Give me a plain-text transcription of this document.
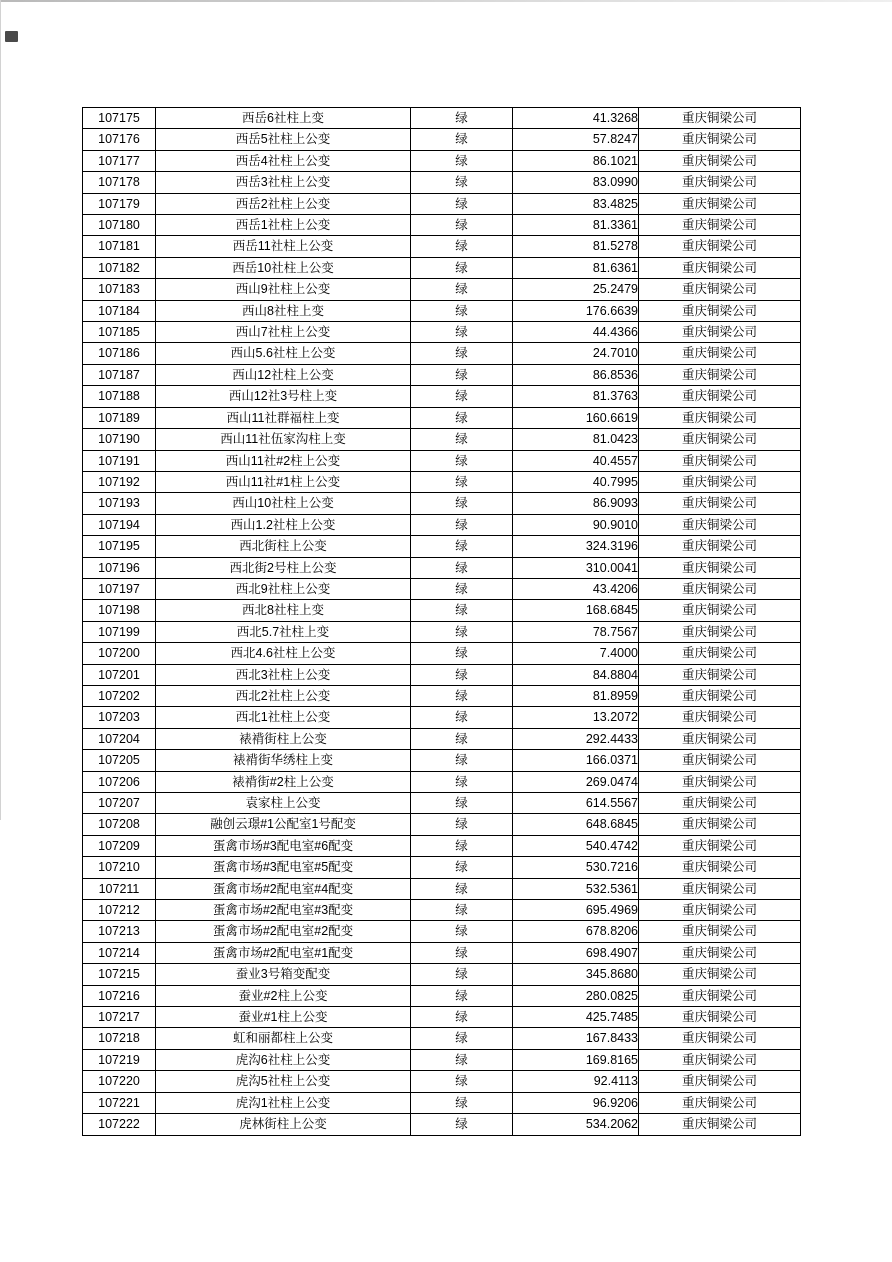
107175	西岳6社柱上变	绿	41.3268	重庆铜梁公司
107176	西岳5社柱上公变	绿	57.8247	重庆铜梁公司
107177	西岳4社柱上公变	绿	86.1021	重庆铜梁公司
107178	西岳3社柱上公变	绿	83.0990	重庆铜梁公司
107179	西岳2社柱上公变	绿	83.4825	重庆铜梁公司
107180	西岳1社柱上公变	绿	81.3361	重庆铜梁公司
107181	西岳11社柱上公变	绿	81.5278	重庆铜梁公司
107182	西岳10社柱上公变	绿	81.6361	重庆铜梁公司
107183	西山9社柱上公变	绿	25.2479	重庆铜梁公司
107184	西山8社柱上变	绿	176.6639	重庆铜梁公司
107185	西山7社柱上公变	绿	44.4366	重庆铜梁公司
107186	西山5.6社柱上公变	绿	24.7010	重庆铜梁公司
107187	西山12社柱上公变	绿	86.8536	重庆铜梁公司
107188	西山12社3号柱上变	绿	81.3763	重庆铜梁公司
107189	西山11社群福柱上变	绿	160.6619	重庆铜梁公司
107190	西山11社伍家沟柱上变	绿	81.0423	重庆铜梁公司
107191	西山11社#2柱上公变	绿	40.4557	重庆铜梁公司
107192	西山11社#1柱上公变	绿	40.7995	重庆铜梁公司
107193	西山10社柱上公变	绿	86.9093	重庆铜梁公司
107194	西山1.2社柱上公变	绿	90.9010	重庆铜梁公司
107195	西北街柱上公变	绿	324.3196	重庆铜梁公司
107196	西北街2号柱上公变	绿	310.0041	重庆铜梁公司
107197	西北9社柱上公变	绿	43.4206	重庆铜梁公司
107198	西北8社柱上变	绿	168.6845	重庆铜梁公司
107199	西北5.7社柱上变	绿	78.7567	重庆铜梁公司
107200	西北4.6社柱上公变	绿	7.4000	重庆铜梁公司
107201	西北3社柱上公变	绿	84.8804	重庆铜梁公司
107202	西北2社柱上公变	绿	81.8959	重庆铜梁公司
107203	西北1社柱上公变	绿	13.2072	重庆铜梁公司
107204	裱褙街柱上公变	绿	292.4433	重庆铜梁公司
107205	裱褙街华绣柱上变	绿	166.0371	重庆铜梁公司
107206	裱褙街#2柱上公变	绿	269.0474	重庆铜梁公司
107207	袁家柱上公变	绿	614.5567	重庆铜梁公司
107208	融创云璟#1公配室1号配变	绿	648.6845	重庆铜梁公司
107209	蛋禽市场#3配电室#6配变	绿	540.4742	重庆铜梁公司
107210	蛋禽市场#3配电室#5配变	绿	530.7216	重庆铜梁公司
107211	蛋禽市场#2配电室#4配变	绿	532.5361	重庆铜梁公司
107212	蛋禽市场#2配电室#3配变	绿	695.4969	重庆铜梁公司
107213	蛋禽市场#2配电室#2配变	绿	678.8206	重庆铜梁公司
107214	蛋禽市场#2配电室#1配变	绿	698.4907	重庆铜梁公司
107215	蚕业3号箱变配变	绿	345.8680	重庆铜梁公司
107216	蚕业#2柱上公变	绿	280.0825	重庆铜梁公司
107217	蚕业#1柱上公变	绿	425.7485	重庆铜梁公司
107218	虹和丽都柱上公变	绿	167.8433	重庆铜梁公司
107219	虎沟6社柱上公变	绿	169.8165	重庆铜梁公司
107220	虎沟5社柱上公变	绿	92.4113	重庆铜梁公司
107221	虎沟1社柱上公变	绿	96.9206	重庆铜梁公司
107222	虎林街柱上公变	绿	534.2062	重庆铜梁公司
